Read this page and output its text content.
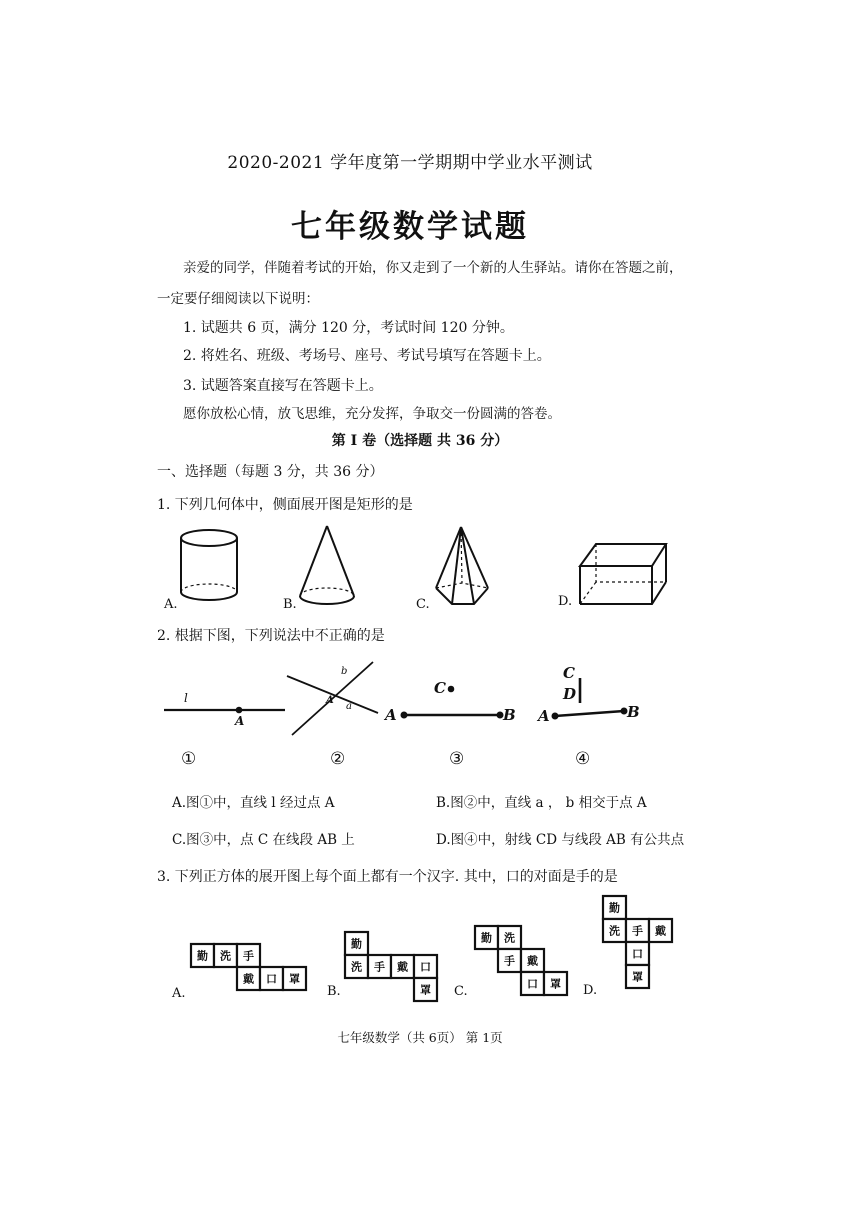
2020-2021 学年度第一学期期中学业水平测试
七年级数学试题
亲爱的同学，伴随着考试的开始，你又走到了一个新的人生驿站。请你在答题之前，
一定要仔细阅读以下说明：
1. 试题共 6 页，满分 120 分，考试时间 120 分钟。
2. 将姓名、班级、考场号、座号、考试号填写在答题卡上。
3. 试题答案直接写在答题卡上。
愿你放松心情，放飞思维，充分发挥，争取交一份圆满的答卷。
第 I 卷（选择题 共 36 分）
一、选择题（每题 3 分，共 36 分）
1. 下列几何体中，侧面展开图是矩形的是
A.	B.	C.	D.
2. 根据下图，下列说法中不正确的是
l
A
b
A
a
C
A	B
C
D
A	B
①	②	③	④
A.图①中，直线 l 经过点 A	B.图②中，直线 a ， b 相交于点 A
C.图③中，点 C 在线段 AB 上	D.图④中，射线 CD 与线段 AB 有公共点
3. 下列正方体的展开图上每个面上都有一个汉字. 其中，口的对面是手的是
勤 洗 手
戴 口 罩
勤
洗 手 戴 口
罩
勤 洗
手 戴
口 罩
勤
洗 手 戴
口
罩
A.	B.	C.	D.
七年级数学（共 6页） 第 1页
